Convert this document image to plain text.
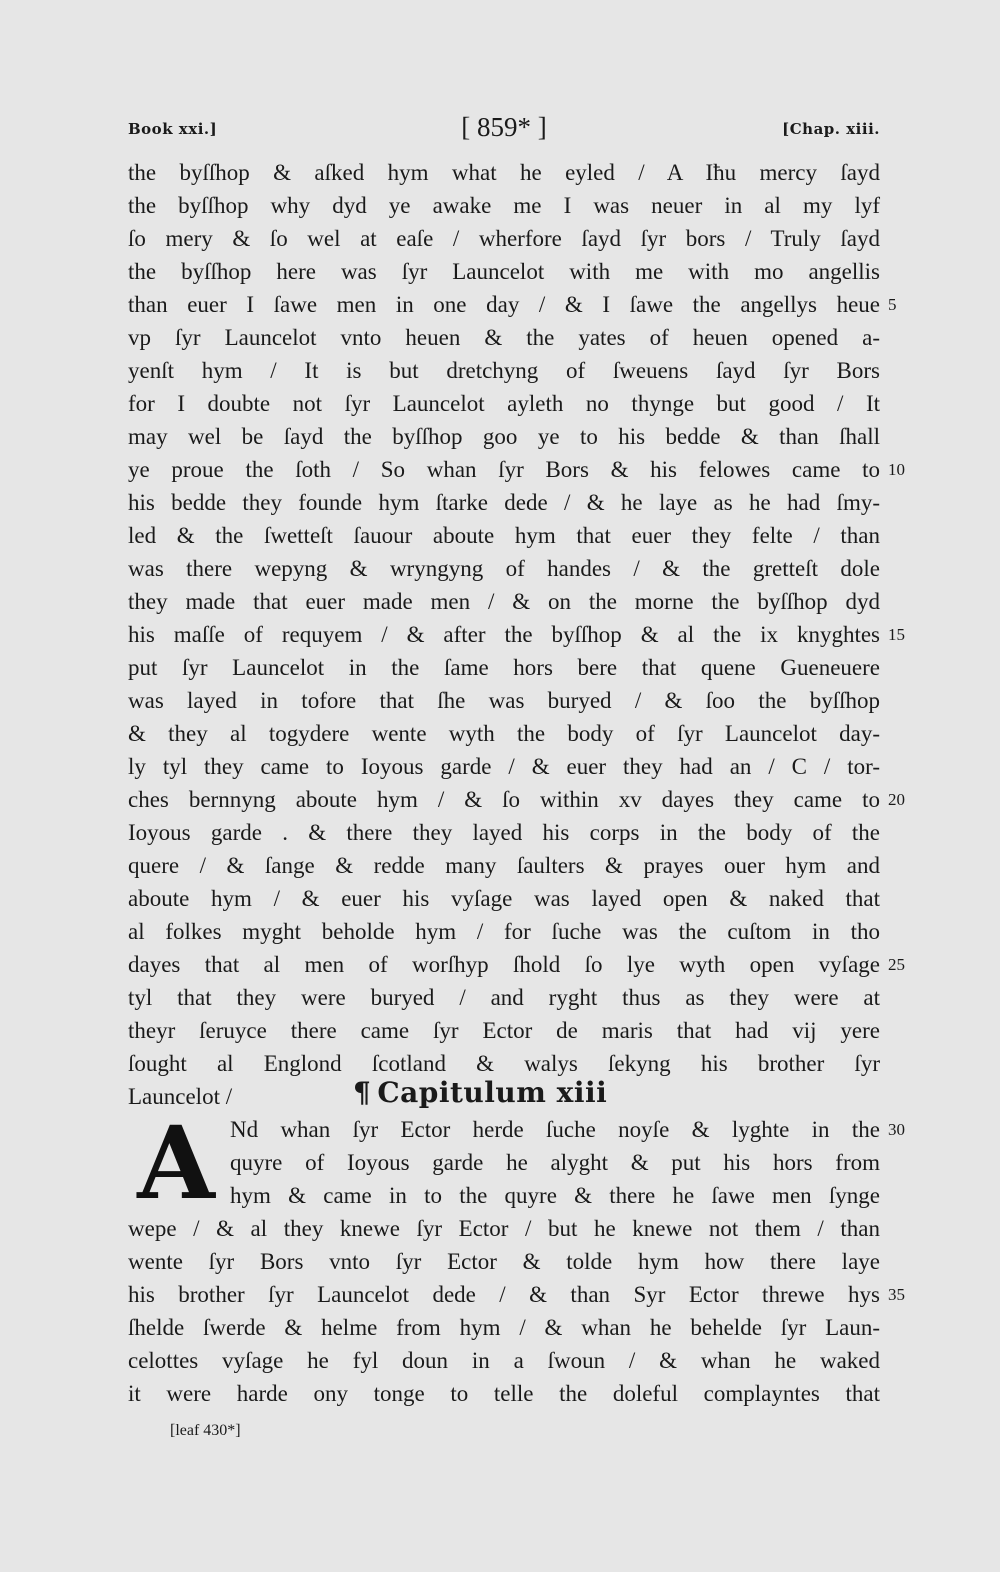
Book xxi.]	[ 859* ]	[Chap. xiii.
the byſſhop & aſked hym what he eyled / A Iħu mercy ſayd
the byſſhop why dyd ye awake me I was neuer in al my lyf
ſo mery & ſo wel at eaſe / wherfore ſayd ſyr bors / Truly ſayd
the byſſhop here was ſyr Launcelot with me with mo angellis
than euer I ſawe men in one day / & I ſawe the angellys heue 5
vp ſyr Launcelot vnto heuen & the yates of heuen opened a-
yenſt hym / It is but dretchyng of ſweuens ſayd ſyr Bors
for I doubte not ſyr Launcelot ayleth no thynge but good / It
may wel be ſayd the byſſhop goo ye to his bedde & than ſhall
ye proue the ſoth / So whan ſyr Bors & his felowes came to 10
his bedde they founde hym ſtarke dede / & he laye as he had ſmy-
led & the ſwetteſt ſauour aboute hym that euer they felte / than
was there wepyng & wryngyng of handes / & the gretteſt dole
they made that euer made men / & on the morne the byſſhop dyd
his maſſe of requyem / & after the byſſhop & al the ix knyghtes 15
put ſyr Launcelot in the ſame hors bere that quene Gueneuere
was layed in tofore that ſhe was buryed / & ſoo the byſſhop
& they al togydere wente wyth the body of ſyr Launcelot day-
ly tyl they came to Ioyous garde / & euer they had an / C / tor-
ches bernnyng aboute hym / & ſo within xv dayes they came to 20
Ioyous garde . & there they layed his corps in the body of the
quere / & ſange & redde many ſaulters & prayes ouer hym and
aboute hym / & euer his vyſage was layed open & naked that
al folkes myght beholde hym / for ſuche was the cuſtom in tho
dayes that al men of worſhyp ſhold ſo lye wyth open vyſage 25
tyl that they were buryed / and ryght thus as they were at
theyr ſeruyce there came ſyr Ector de maris that had vij yere
ſought al Englond ſcotland & walys ſekyng his brother ſyr
Launcelot /	¶ Capitulum xiii
A Nd whan ſyr Ector herde ſuche noyſe & lyghte in the 30
quyre of Ioyous garde he alyght & put his hors from
hym & came in to the quyre & there he ſawe men ſynge
wepe / & al they knewe ſyr Ector / but he knewe not them / than
wente ſyr Bors vnto ſyr Ector & tolde hym how there laye
his brother ſyr Launcelot dede / & than Syr Ector threwe hys 35
ſhelde ſwerde & helme from hym / & whan he behelde ſyr Laun-
celottes vyſage he fyl doun in a ſwoun / & whan he waked
it were harde ony tonge to telle the doleful complayntes that
[leaf 430*]
